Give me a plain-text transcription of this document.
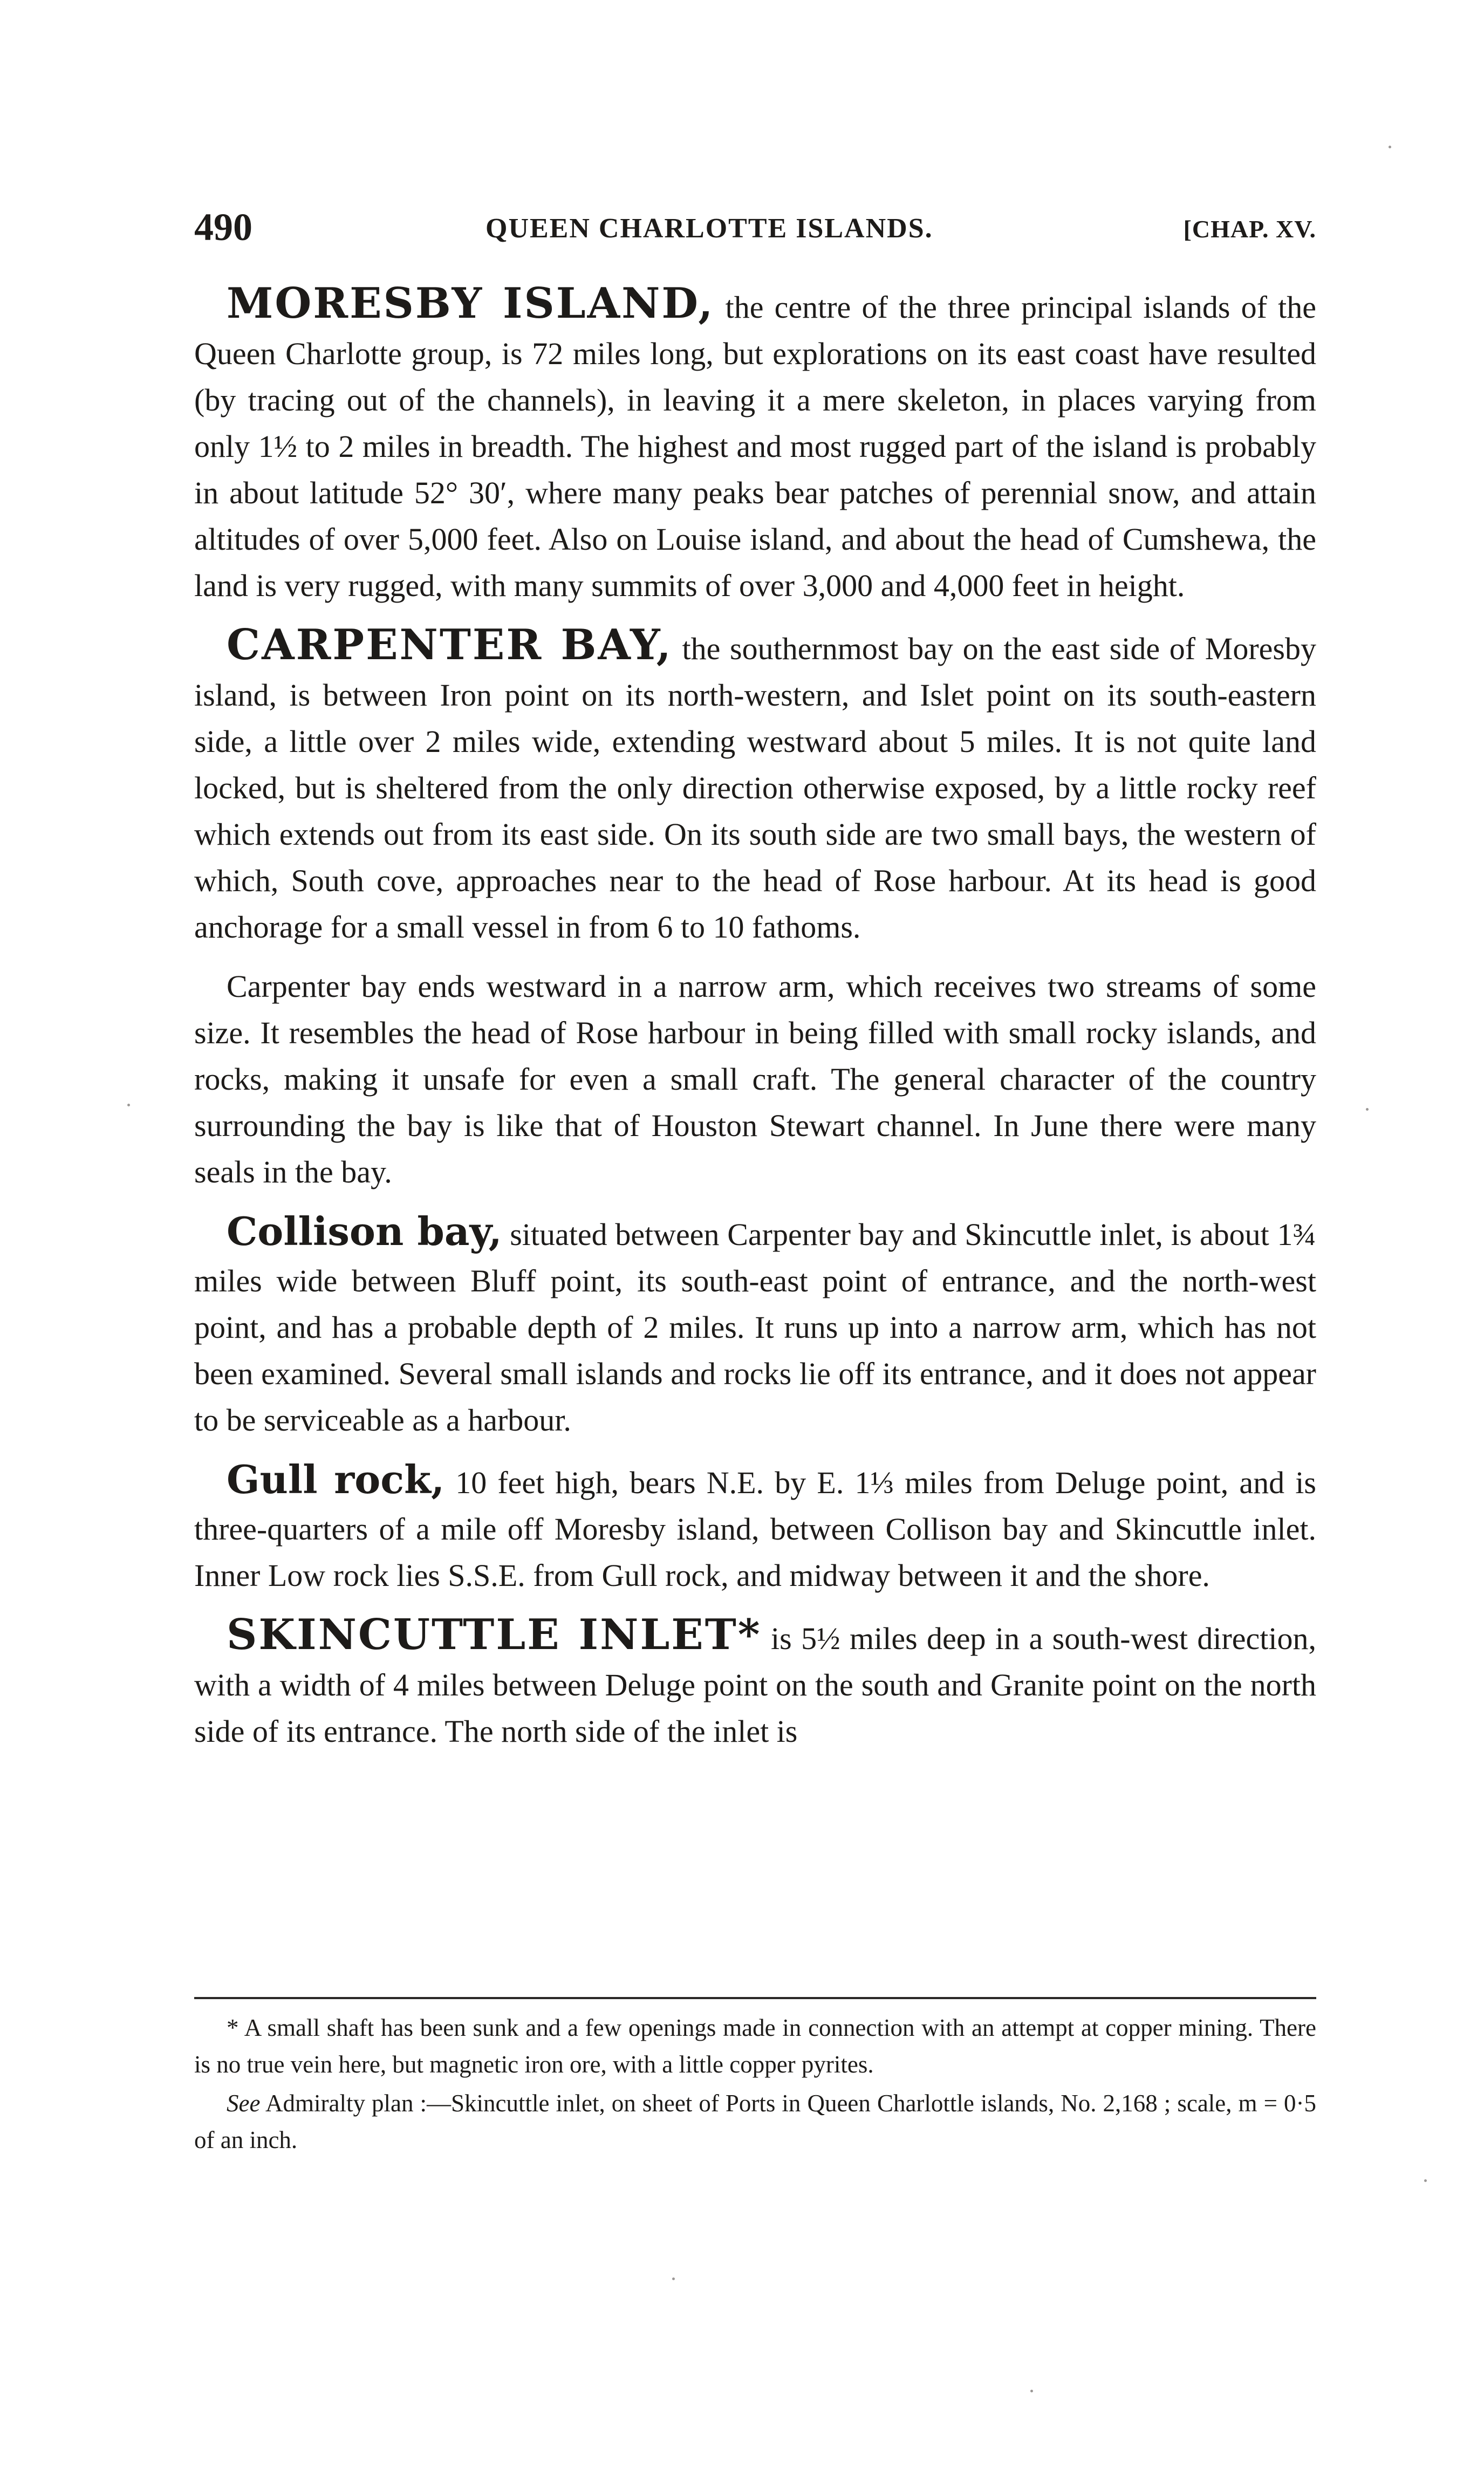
490	QUEEN CHARLOTTE ISLANDS.	[CHAP. XV.

MORESBY ISLAND, the centre of the three principal islands of the Queen Charlotte group, is 72 miles long, but explorations on its east coast have resulted (by tracing out of the channels), in leaving it a mere skeleton, in places varying from only 1½ to 2 miles in breadth. The highest and most rugged part of the island is probably in about latitude 52° 30′, where many peaks bear patches of perennial snow, and attain altitudes of over 5,000 feet. Also on Louise island, and about the head of Cumshewa, the land is very rugged, with many summits of over 3,000 and 4,000 feet in height.

CARPENTER BAY, the southernmost bay on the east side of Moresby island, is between Iron point on its north-western, and Islet point on its south-eastern side, a little over 2 miles wide, extending westward about 5 miles. It is not quite land locked, but is sheltered from the only direction otherwise exposed, by a little rocky reef which extends out from its east side. On its south side are two small bays, the western of which, South cove, approaches near to the head of Rose harbour. At its head is good anchorage for a small vessel in from 6 to 10 fathoms.

Carpenter bay ends westward in a narrow arm, which receives two streams of some size. It resembles the head of Rose harbour in being filled with small rocky islands, and rocks, making it unsafe for even a small craft. The general character of the country surrounding the bay is like that of Houston Stewart channel. In June there were many seals in the bay.

Collison bay, situated between Carpenter bay and Skincuttle inlet, is about 1¾ miles wide between Bluff point, its south-east point of entrance, and the north-west point, and has a probable depth of 2 miles. It runs up into a narrow arm, which has not been examined. Several small islands and rocks lie off its entrance, and it does not appear to be serviceable as a harbour.

Gull rock, 10 feet high, bears N.E. by E. 1⅓ miles from Deluge point, and is three-quarters of a mile off Moresby island, between Collison bay and Skincuttle inlet. Inner Low rock lies S.S.E. from Gull rock, and midway between it and the shore.

SKINCUTTLE INLET* is 5½ miles deep in a south-west direction, with a width of 4 miles between Deluge point on the south and Granite point on the north side of its entrance. The north side of the inlet is

* A small shaft has been sunk and a few openings made in connection with an attempt at copper mining. There is no true vein here, but magnetic iron ore, with a little copper pyrites.

See Admiralty plan :—Skincuttle inlet, on sheet of Ports in Queen Charlottle islands, No. 2,168 ; scale, m = 0·5 of an inch.
